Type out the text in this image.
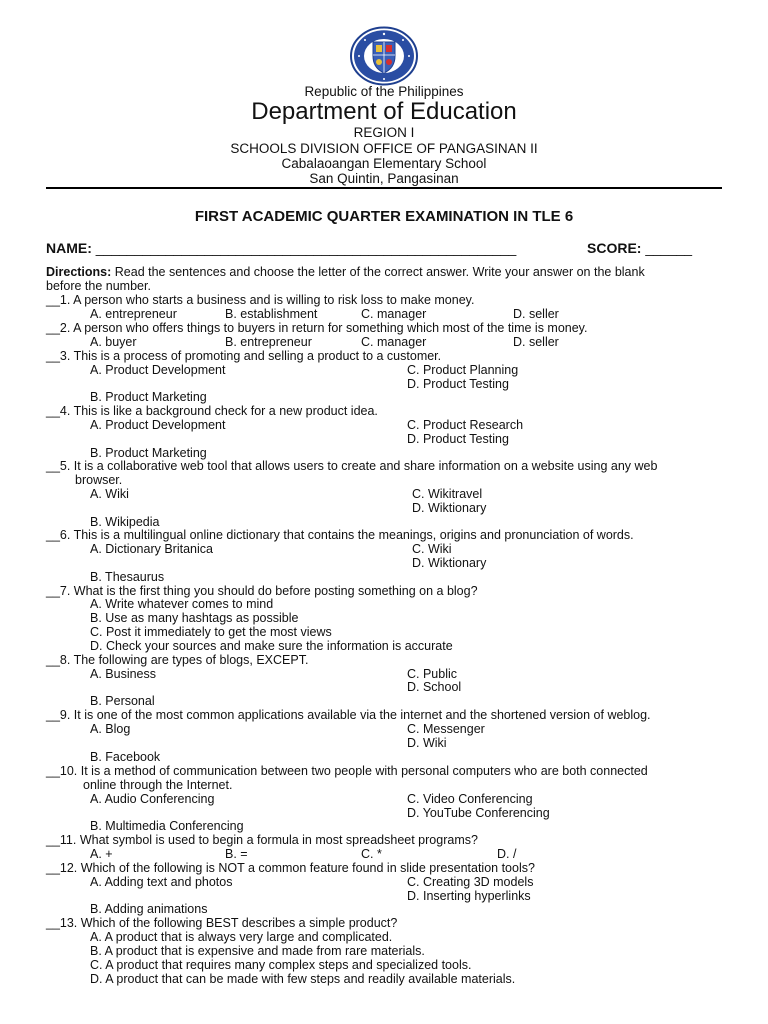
Republic of the Philippines
Department of Education
REGION I
SCHOOLS DIVISION OFFICE OF PANGASINAN II
Cabalaoangan Elementary School
San Quintin, Pangasinan
FIRST ACADEMIC QUARTER EXAMINATION IN TLE 6
NAME: ______________________________________________________	SCORE: ______
Directions: Read the sentences and choose the letter of the correct answer. Write your answer on the blank
before the number.
__1. A person who starts a business and is willing to risk loss to make money.
A. entrepreneur	B. establishment	C. manager	D. seller
__2. A person who offers things to buyers in return for something which most of the time is money.
A. buyer	B. entrepreneur	C. manager	D. seller
__3. This is a process of promoting and selling a product to a customer.
A. Product Development	C. Product Planning
D. Product Testing
B. Product Marketing
__4. This is like a background check for a new product idea.
A. Product Development	C. Product Research
D. Product Testing
B. Product Marketing
__5. It is a collaborative web tool that allows users to create and share information on a website using any web
browser.
A. Wiki	C. Wikitravel
D. Wiktionary
B. Wikipedia
__6. This is a multilingual online dictionary that contains the meanings, origins and pronunciation of words.
A. Dictionary Britanica	C. Wiki
D. Wiktionary
B. Thesaurus
__7. What is the first thing you should do before posting something on a blog?
A. Write whatever comes to mind
B. Use as many hashtags as possible
C. Post it immediately to get the most views
D. Check your sources and make sure the information is accurate
__8. The following are types of blogs, EXCEPT.
A. Business	C. Public
D. School
B. Personal
__9. It is one of the most common applications available via the internet and the shortened version of weblog.
A. Blog	C. Messenger
D. Wiki
B. Facebook
__10. It is a method of communication between two people with personal computers who are both connected
online through the Internet.
A. Audio Conferencing	C. Video Conferencing
D. YouTube Conferencing
B. Multimedia Conferencing
__11. What symbol is used to begin a formula in most spreadsheet programs?
A. +	B. =	C. *	D. /
__12. Which of the following is NOT a common feature found in slide presentation tools?
A. Adding text and photos	C. Creating 3D models
D. Inserting hyperlinks
B. Adding animations
__13. Which of the following BEST describes a simple product?
A. A product that is always very large and complicated.
B. A product that is expensive and made from rare materials.
C. A product that requires many complex steps and specialized tools.
D. A product that can be made with few steps and readily available materials.
